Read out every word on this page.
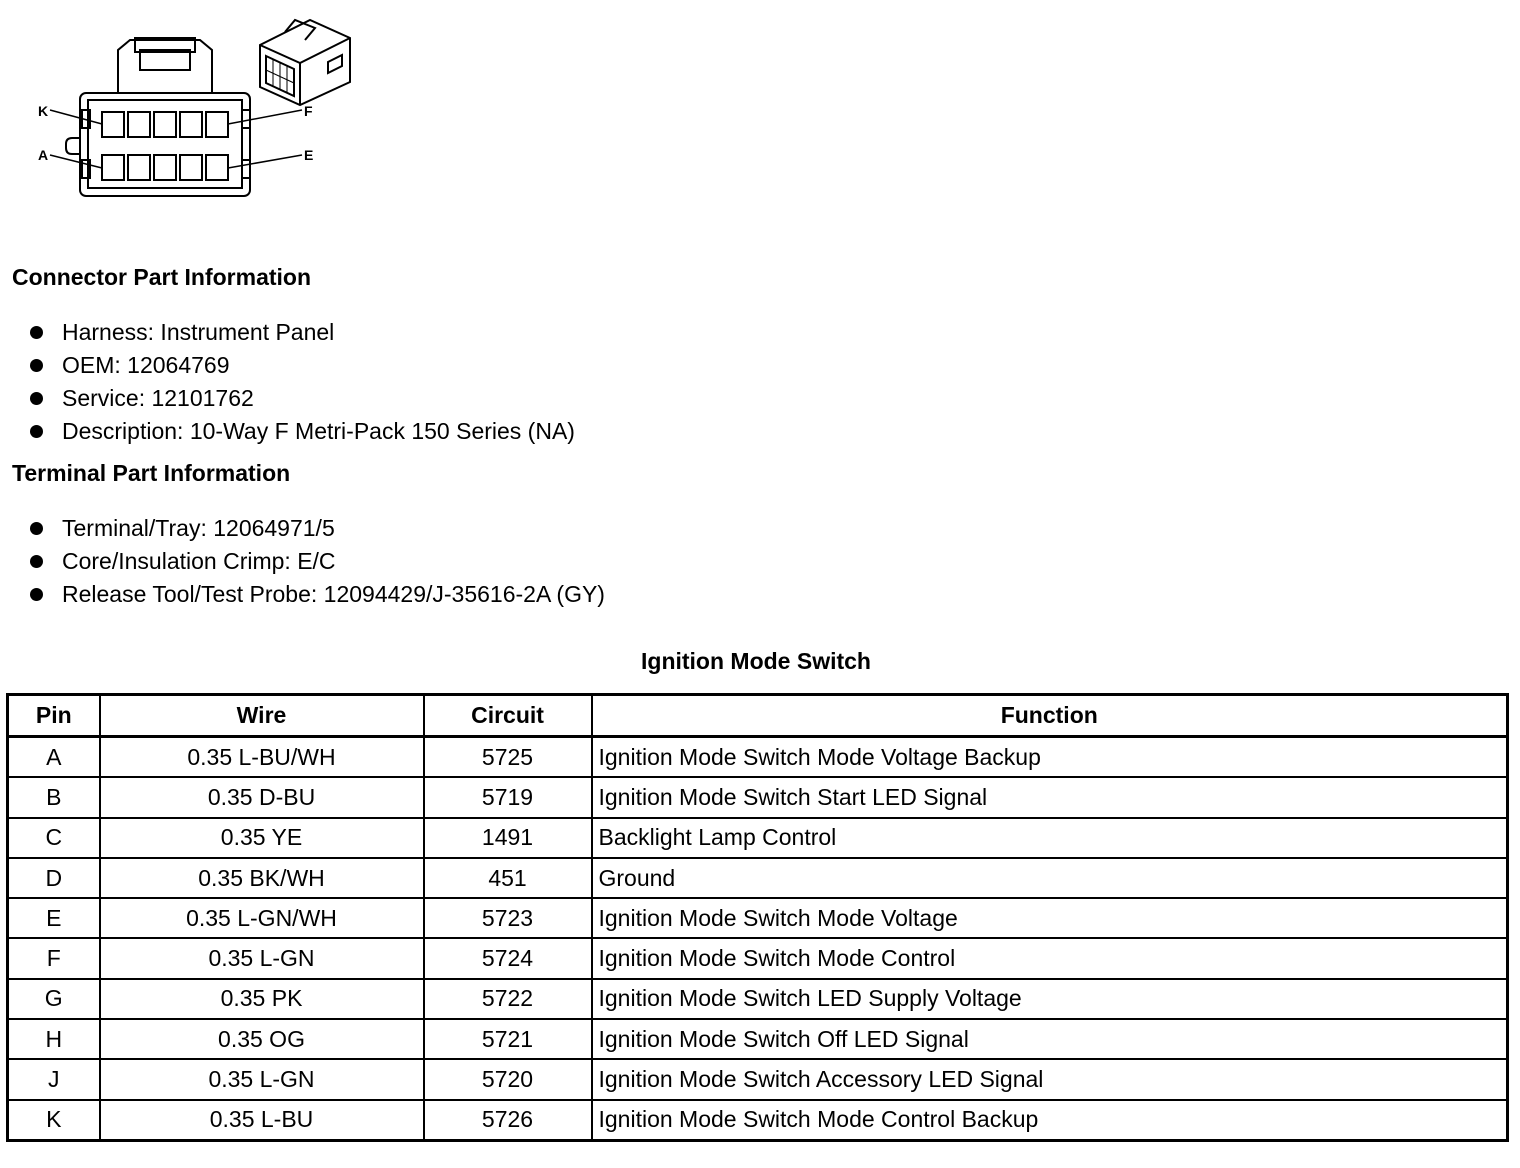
K
A
F
E
Connector Part Information
Harness: Instrument Panel
OEM: 12064769
Service: 12101762
Description: 10-Way F Metri-Pack 150 Series (NA)
Terminal Part Information
Terminal/Tray: 12064971/5
Core/Insulation Crimp: E/C
Release Tool/Test Probe: 12094429/J-35616-2A (GY)
Ignition Mode Switch
Pin	Wire	Circuit	Function
A	0.35 L-BU/WH	5725	Ignition Mode Switch Mode Voltage Backup
B	0.35 D-BU	5719	Ignition Mode Switch Start LED Signal
C	0.35 YE	1491	Backlight Lamp Control
D	0.35 BK/WH	451	Ground
E	0.35 L-GN/WH	5723	Ignition Mode Switch Mode Voltage
F	0.35 L-GN	5724	Ignition Mode Switch Mode Control
G	0.35 PK	5722	Ignition Mode Switch LED Supply Voltage
H	0.35 OG	5721	Ignition Mode Switch Off LED Signal
J	0.35 L-GN	5720	Ignition Mode Switch Accessory LED Signal
K	0.35 L-BU	5726	Ignition Mode Switch Mode Control Backup
